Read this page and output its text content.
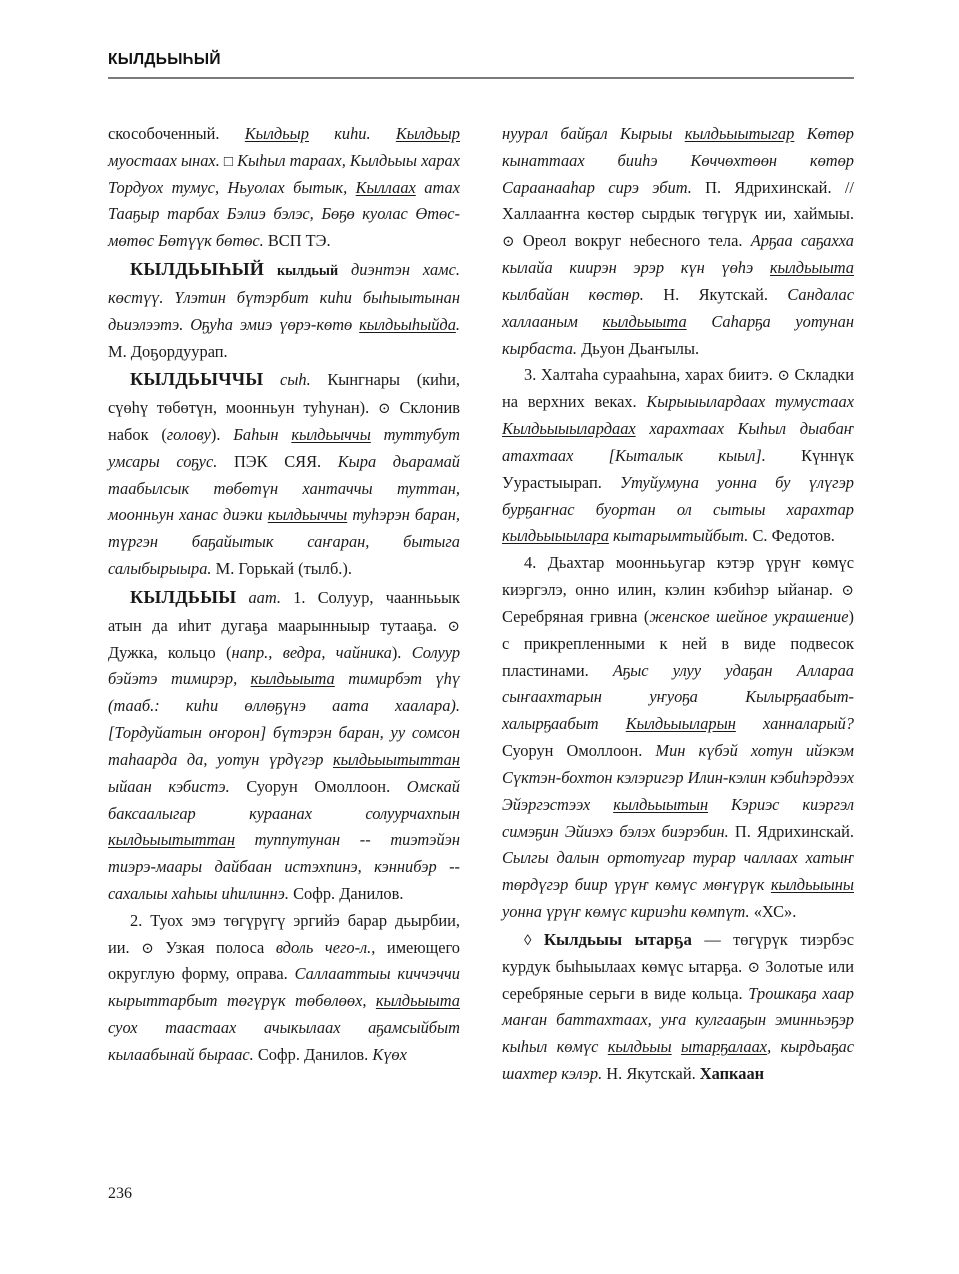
КЫЛДЬЫҺЫЙ

скособоченный. Кылдьыр киһи. Кылдьыр муостаах ынах. □ Кыһыл тараах, Кылдьыы харах Тордуох тумус, Ньуолах бытык, Кыллаах атах Тааҕыр тарбах Бэлиэ бэлэс, Бөҕө куолас Өтөс-мөтөс Бөтүүк бөтөс. ВСП ТЭ.

КЫЛДЬЫҺЫЙ кылдьый диэнтэн хамс. көстүү. Үлэтин бүтэрбит киһи быһыытынан дьиэлээтэ. Оҕуһа эмиэ үөрэ-көтө кылдьыһыйда. М. Доҕордуурап.

КЫЛДЬЫЧЧЫ сыһ. Кынгнары (киһи, сүөһү төбөтүн, моонньун туһунан). ⊙ Склонив набок (голову). Баһын кылдьыччы туттубут умсары соҕус. ПЭК СЯЯ. Кыра дьарамай таабылсык төбөтүн хантаччы туттан, моонньун ханас диэки кылдьыччы туһэрэн баран, түргэн баҕайытык саҥаран, бытыга салыбырыыра. М. Горькай (тылб.).

КЫЛДЬЫЫ аат. 1. Солуур, чааннььык атын да иһит дугаҕа маарынныыр тутааҕа. ⊙ Дужка, кольцо (напр., ведра, чайника). Солуур бэйэтэ тимирэр, кылдьыыта тимирбэт үһү (тааб.: киһи өллөҕүнэ аата хаалара). [Тордуйатын оҥорон] бүтэрэн баран, уу сомсон таһаарда да, уотун үрдүгэр кылдьыытыттан ыйаан кэбистэ. Суорун Омоллоон. Омскай баксаалыгар кураанах солуурчахпын кылдьыытыттан туппутунан -- тиэтэйэн тиэрэ-маары дайбаан истэхпинэ, кэннибэр -- сахалыы хаһыы иһилиннэ. Софр. Данилов.

2. Туох эмэ төгүрүгү эргийэ барар дьырбии, ии. ⊙ Узкая полоса вдоль чего-л., имеющего округлую форму, оправа. Саллааттыы киччэччи кырыттарбыт төгүрүк төбөлөөх, кылдьыыта суох тaacтаах ачыкылаах аҕамсыйбыт кылаабынай быраас. Софр. Данилов. Күөх

нуурал байҕал Кырыы кылдьыытыгар Көтөр кынаттаах бииһэ Көччөхтөөн көтөр Сараанааһар сирэ эбит. П. Ядрихинскай. // Халлааҥҥа көстөр сырдык төгүрүк ии, хаймыы. ⊙ Ореол вокруг небесного тела. Арҕаа саҕахха кылайа киирэн эрэр күн үөһэ кылдьыыта кылбайан көстөр. Н. Якутскай. Сандалас халлааным кылдьыыта Саһарҕа уотунан кырбаста. Дьуон Дьаҥылы.

3. Халтаһа сурааһына, харах биитэ. ⊙ Складки на верхних веках. Кырыыылардаах тумустаах Кылдьыыылардаах харахтаах Кыһыл дыабаҥ атахтаах [Кыталык кыыл]. Күннүк Уурастыырап. Утуйумуна уонна бу үлүгэр бурҕаҥнас буортан ол сытыы харахтар кылдьыыылара кытарымтыйбыт. С. Федотов.

4. Дьахтар мооннььугар кэтэр үрүҥ көмүс киэргэлэ, онно илин, кэлин кэбиһэр ыйанар. ⊙ Серебряная гривна (женское шейное украшение) с прикрепленными к ней в виде подвесок пластинами. Аҕыс улуу удаҕан Аллараа сыҥаахтарын уҥуоҕа Кылырҕаабыт-халырҕаабыт Кылдьыыларын ханналарый? Суорун Омоллоон. Мин күбэй хотун ийэкэм Сүктэн-бохтон кэлэригэр Илин-кэлин кэбиһэрдээх Эйэргэстээх кылдьыытын Кэриэс киэргэл симэҕин Эйиэхэ бэлэх биэрэбин. П. Ядрихинскай. Сылгы далын ортотугар турар чаллаах хатыҥ төрдүгэр биир үрүҥ көмүс мөҥүрүк кылдьыыны уонна үрүҥ көмүс кириэһи көмпүт. «ХС».

◊ Кылдьыы ытарҕа — төгүрүк тиэрбэс курдук быһыылаах көмүс ытарҕа. ⊙ Золотые или серебряные серьги в виде кольца. Трошкаҕа хаар маҥан баттахтаах, уҥа кулгааҕын эминньэҕэр кыһыл көмүс кылдьыы ытарҕалаах, кырдьаҕас шахтер кэлэр. Н. Якутскай. Хапкаан

236
